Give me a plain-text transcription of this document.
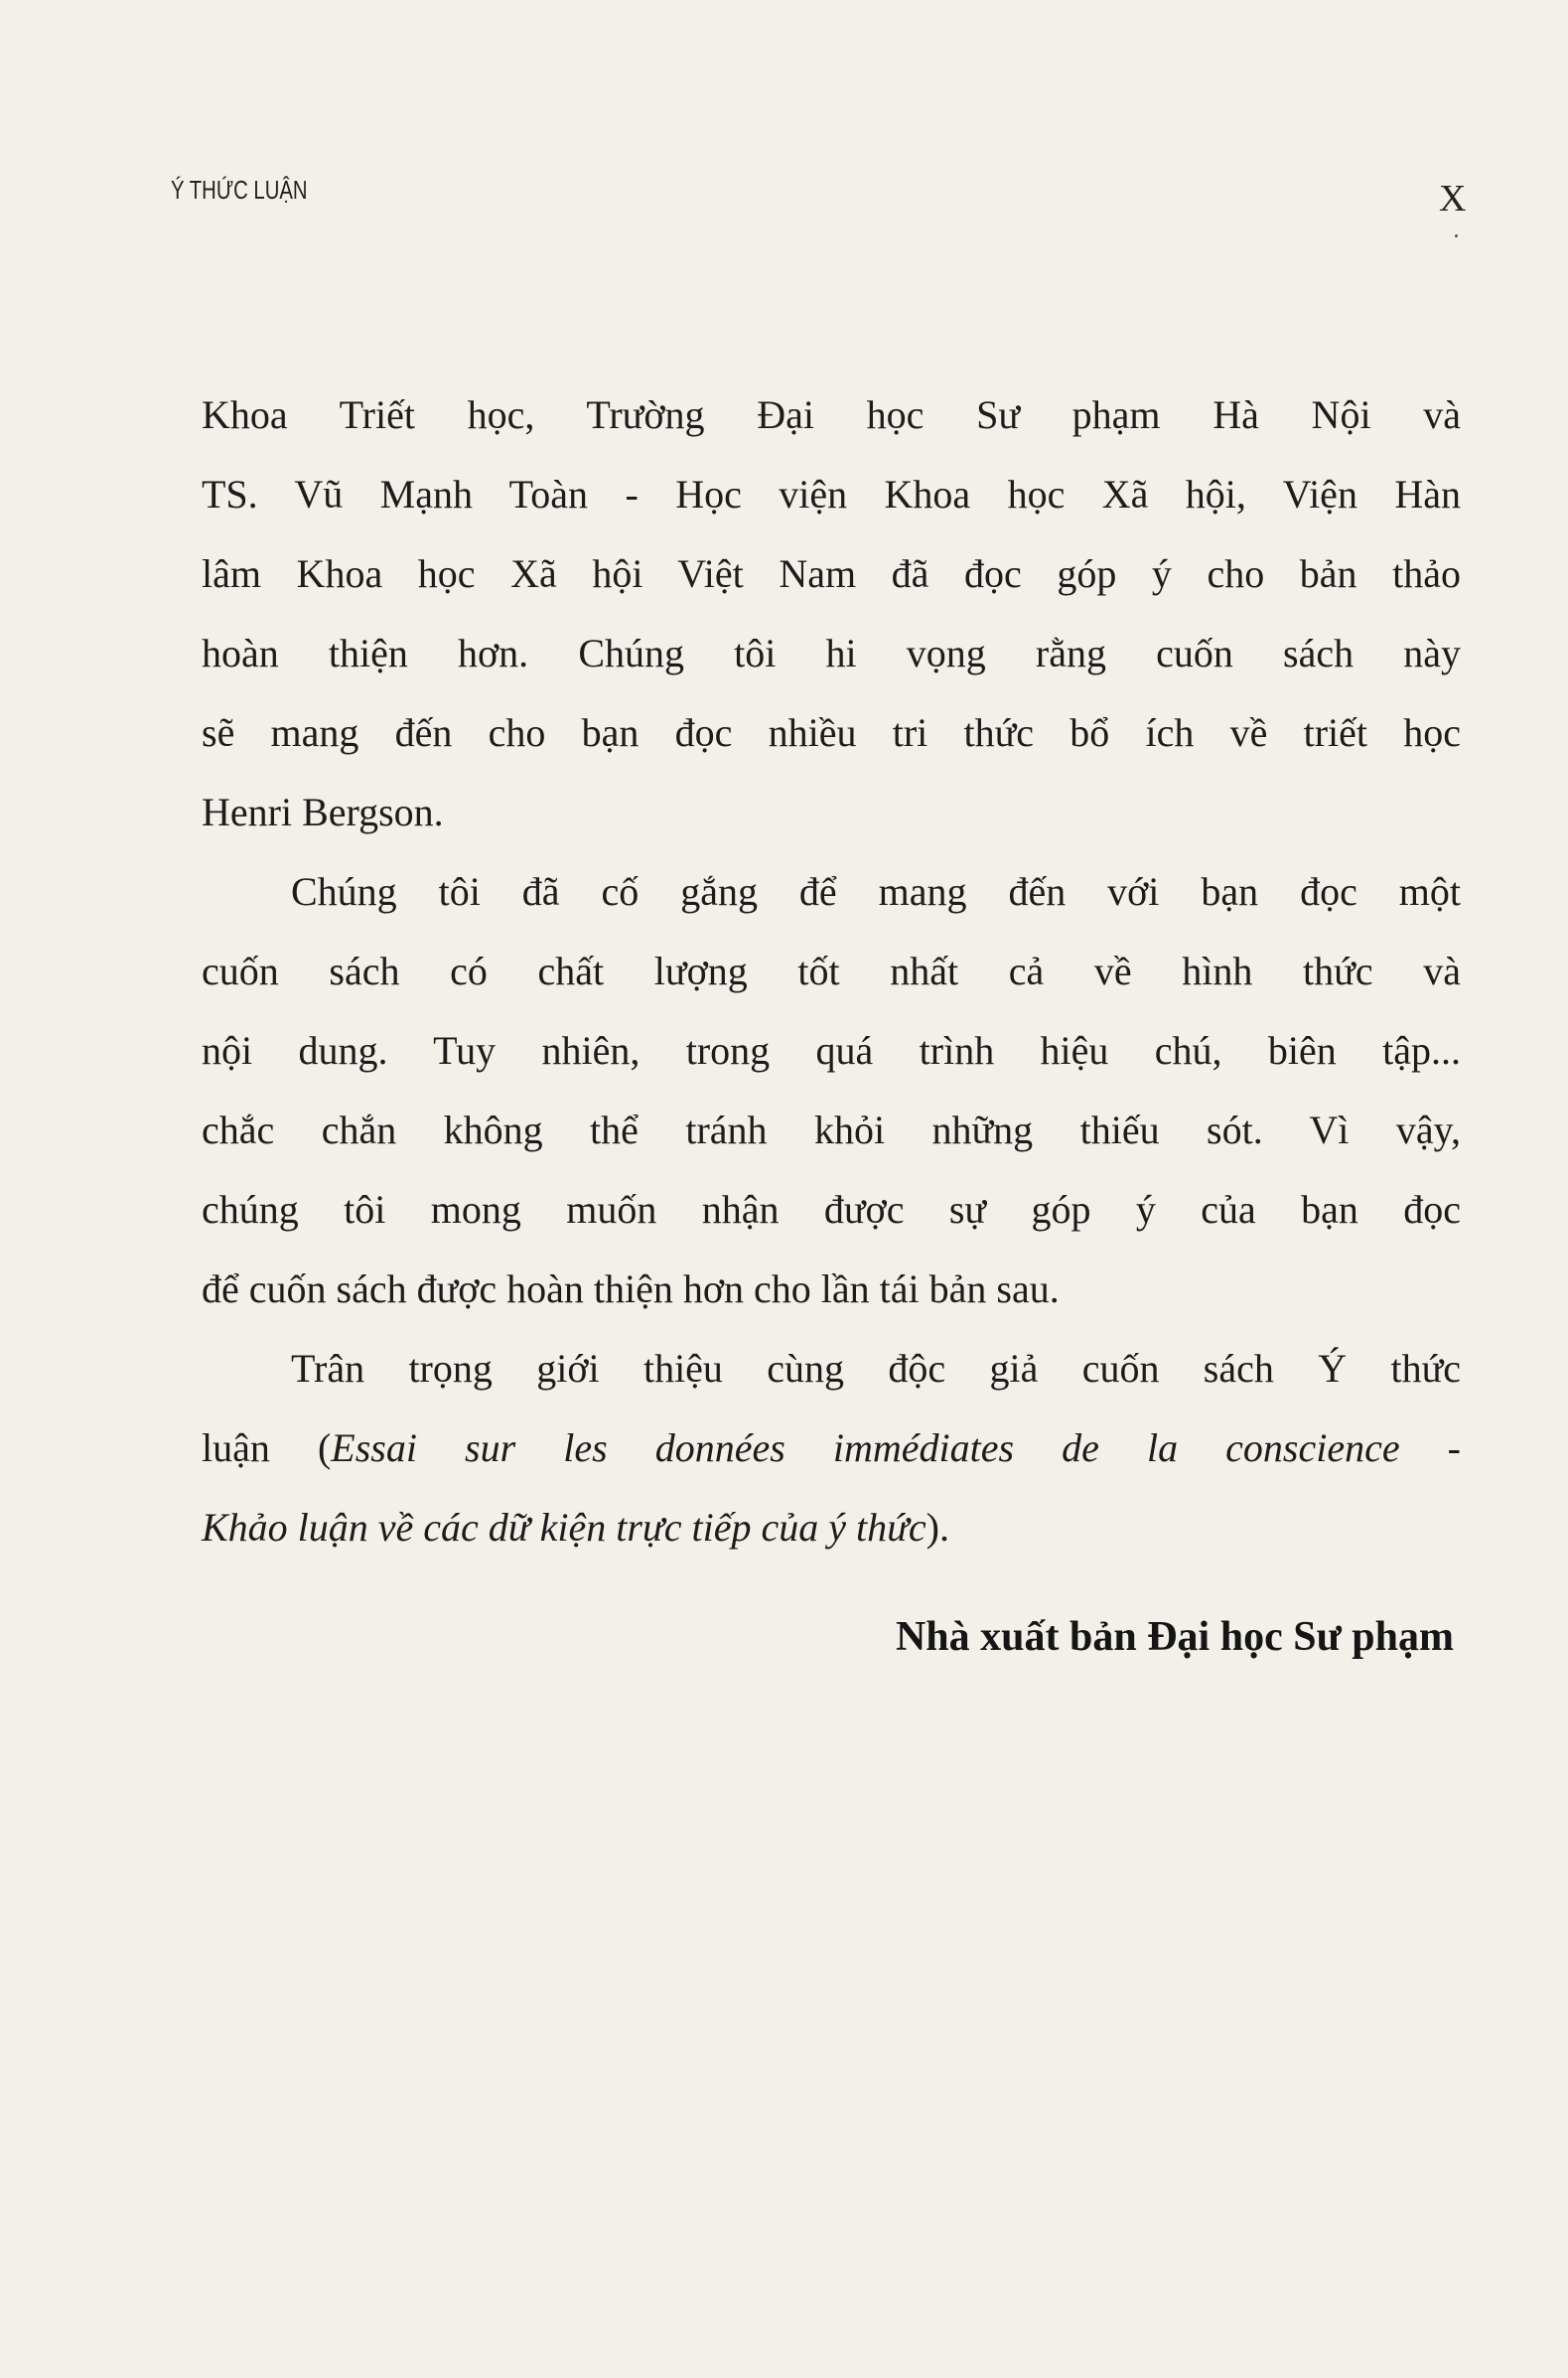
Ý THỨC LUẬN	X
Khoa Triết học, Trường Đại học Sư phạm Hà Nội và
TS. Vũ Mạnh Toàn - Học viện Khoa học Xã hội, Viện Hàn
lâm Khoa học Xã hội Việt Nam đã đọc góp ý cho bản thảo
hoàn thiện hơn. Chúng tôi hi vọng rằng cuốn sách này
sẽ mang đến cho bạn đọc nhiều tri thức bổ ích về triết học
Henri Bergson.
Chúng tôi đã cố gắng để mang đến với bạn đọc một
cuốn sách có chất lượng tốt nhất cả về hình thức và
nội dung. Tuy nhiên, trong quá trình hiệu chú, biên tập...
chắc chắn không thể tránh khỏi những thiếu sót. Vì vậy,
chúng tôi mong muốn nhận được sự góp ý của bạn đọc
để cuốn sách được hoàn thiện hơn cho lần tái bản sau.
Trân trọng giới thiệu cùng độc giả cuốn sách Ý thức
luận (Essai sur les données immédiates de la conscience -
Khảo luận về các dữ kiện trực tiếp của ý thức).
Nhà xuất bản Đại học Sư phạm
